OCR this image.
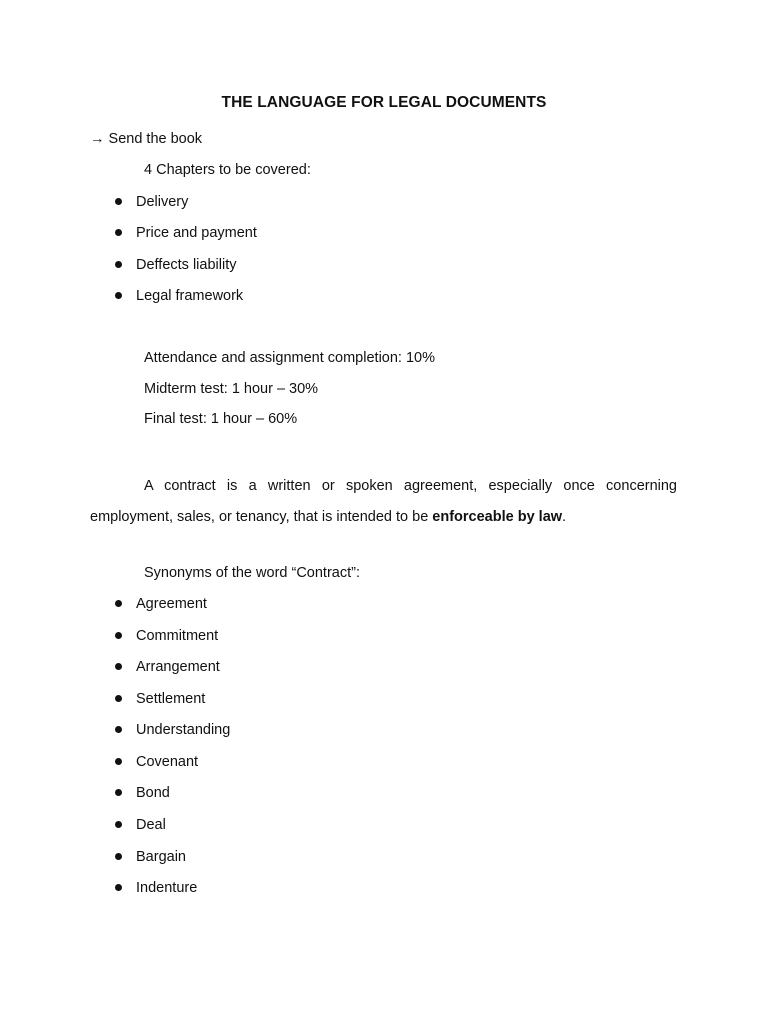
THE LANGUAGE FOR LEGAL DOCUMENTS
→ Send the book
4 Chapters to be covered:
Delivery
Price and payment
Deffects liability
Legal framework
Attendance and assignment completion: 10%
Midterm test: 1 hour – 30%
Final test: 1 hour – 60%
A contract is a written or spoken agreement, especially once concerning employment, sales, or tenancy, that is intended to be enforceable by law.
Synonyms of the word “Contract”:
Agreement
Commitment
Arrangement
Settlement
Understanding
Covenant
Bond
Deal
Bargain
Indenture
